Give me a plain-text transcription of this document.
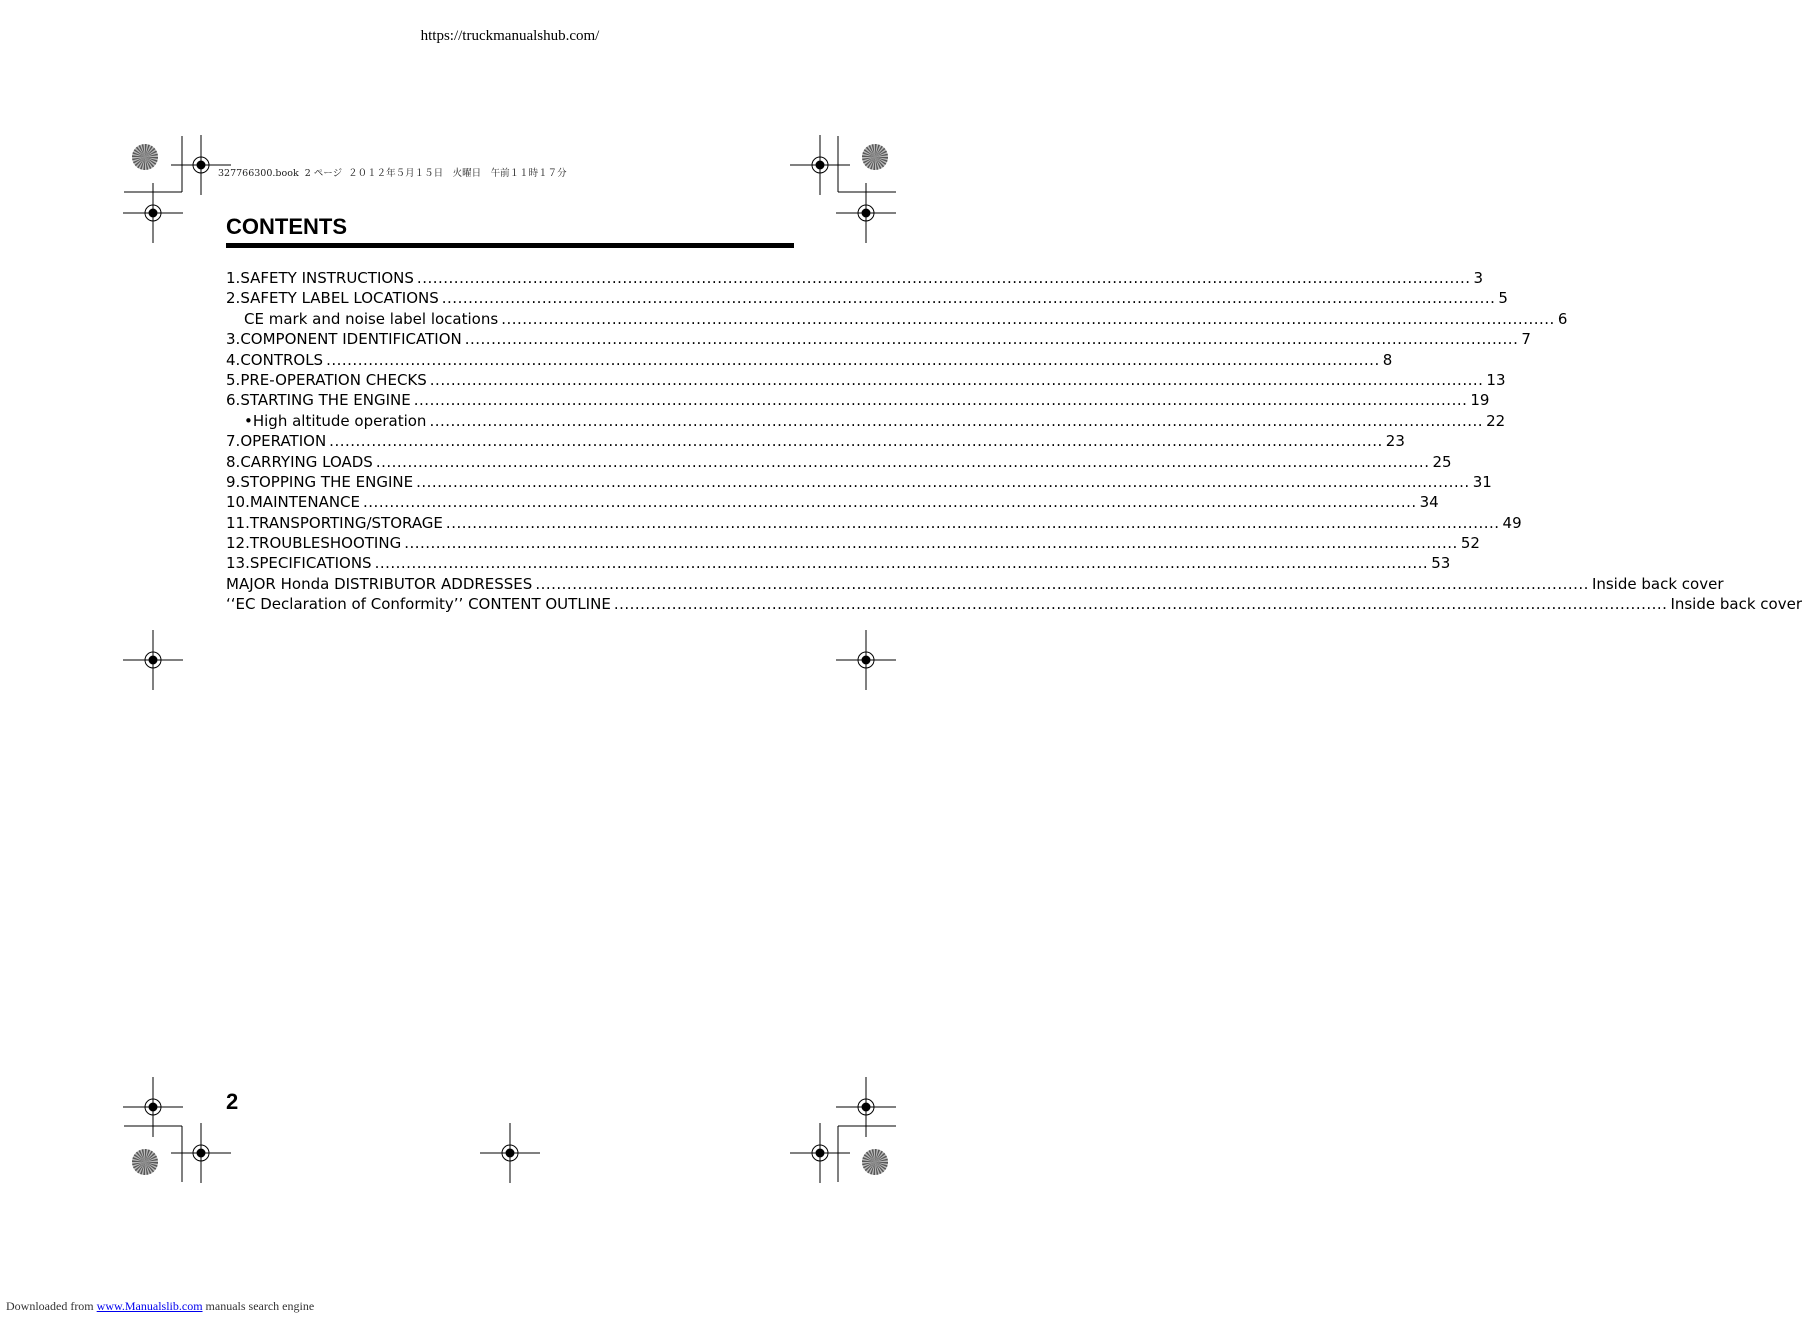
https://truckmanualshub.com/
327766300.book  2 ページ  ２０１２年５月１５日　火曜日　午前１１時１７分
CONTENTS
1. SAFETY INSTRUCTIONS ........................................................................................................................................................................................................ 3
2. SAFETY LABEL LOCATIONS ........................................................................................................................................................................................................ 5
CE mark and noise label locations ........................................................................................................................................................................................................ 6
3. COMPONENT IDENTIFICATION ........................................................................................................................................................................................................ 7
4. CONTROLS ........................................................................................................................................................................................................ 8
5. PRE-OPERATION CHECKS ........................................................................................................................................................................................................ 13
6. STARTING THE ENGINE ........................................................................................................................................................................................................ 19
•High altitude operation ........................................................................................................................................................................................................ 22
7. OPERATION ........................................................................................................................................................................................................ 23
8. CARRYING LOADS ........................................................................................................................................................................................................ 25
9. STOPPING THE ENGINE ........................................................................................................................................................................................................ 31
10. MAINTENANCE ........................................................................................................................................................................................................ 34
11. TRANSPORTING/STORAGE ........................................................................................................................................................................................................ 49
12. TROUBLESHOOTING ........................................................................................................................................................................................................ 52
13. SPECIFICATIONS ........................................................................................................................................................................................................ 53
MAJOR Honda DISTRIBUTOR ADDRESSES ........................................................................................................................................................................................................ Inside back cover
‘‘EC Declaration of Conformity’’ CONTENT OUTLINE ........................................................................................................................................................................................................ Inside back cover
2
Downloaded from www.Manualslib.com manuals search engine
